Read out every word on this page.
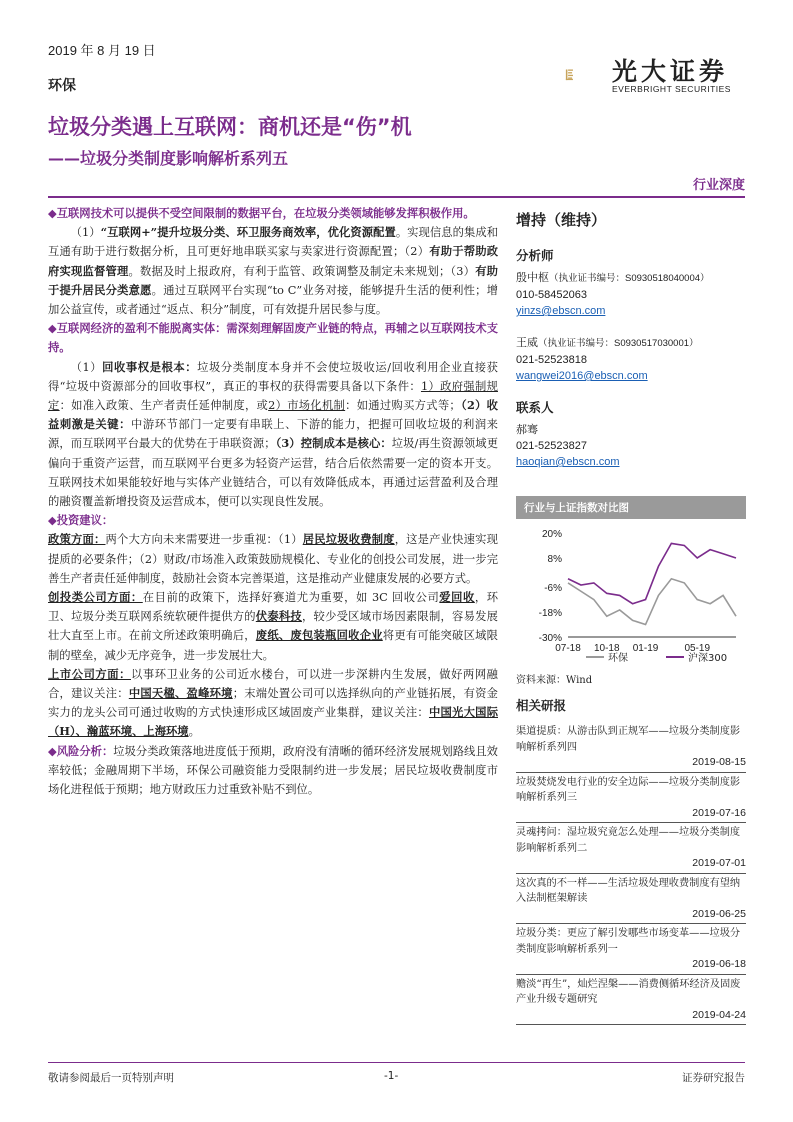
2019 年 8 月 19 日
环保	光大证券
EVERBRIGHT SECURITIES
垃圾分类遇上互联网：商机还是“伤”机
——垃圾分类制度影响解析系列五
行业深度

◆互联网技术可以提供不受空间限制的数据平台，在垃圾分类领域能够发挥积极作用。

（1）“互联网+”提升垃圾分类、环卫服务商效率，优化资源配置。实现信息的集成和互通有助于进行数据分析，且可更好地串联买家与卖家进行资源配置；（2）有助于帮助政府实现监督管理。数据及时上报政府，有利于监管、政策调整及制定未来规划；（3）有助于提升居民分类意愿。通过互联网平台实现“to C”业务对接，能够提升生活的便利性；增加公益宣传，或者通过“返点、积分”制度，可有效提升居民参与度。

◆互联网经济的盈利不能脱离实体：需深刻理解固废产业链的特点，再辅之以互联网技术支持。

（1）回收事权是根本：垃圾分类制度本身并不会使垃圾收运/回收利用企业直接获得“垃圾中资源部分的回收事权”，真正的事权的获得需要具备以下条件：1）政府强制规定：如准入政策、生产者责任延伸制度，或2）市场化机制：如通过购买方式等；（2）收益刺激是关键：中游环节部门一定要有串联上、下游的能力，把握可回收垃圾的利润来源，而互联网平台最大的优势在于串联资源；（3）控制成本是核心：垃圾/再生资源领域更偏向于重资产运营，而互联网平台更多为轻资产运营，结合后依然需要一定的资本开支。互联网技术如果能较好地与实体产业链结合，可以有效降低成本，再通过运营盈利及合理的融资覆盖新增投资及运营成本，便可以实现良性发展。

◆投资建议：

政策方面：两个大方向未来需要进一步重视：（1）居民垃圾收费制度，这是产业快速实现提质的必要条件；（2）财政/市场准入政策鼓励规模化、专业化的创投公司发展，进一步完善生产者责任延伸制度，鼓励社会资本完善渠道，这是推动产业健康发展的必要方式。

创投类公司方面：在目前的政策下，选择好赛道尤为重要，如 3C 回收公司爱回收，环卫、垃圾分类互联网系统软硬件提供方的伏泰科技，较少受区域市场因素限制，容易发展壮大直至上市。在前文所述政策明确后，废纸、废包装瓶回收企业将更有可能突破区域限制的壁垒，减少无序竞争，进一步发展壮大。

上市公司方面：以事环卫业务的公司近水楼台，可以进一步深耕内生发展，做好两网融合，建议关注：中国天楹、盈峰环境；末端处置公司可以选择纵向的产业链拓展，有资金实力的龙头公司可通过收购的方式快速形成区域固废产业集群，建议关注：中国光大国际（H）、瀚蓝环境、上海环境。

◆风险分析：垃圾分类政策落地进度低于预期，政府没有清晰的循环经济发展规划路线且效率较低；金融周期下半场，环保公司融资能力受限制约进一步发展；居民垃圾收费制度市场化进程低于预期；地方财政压力过重致补贴不到位。

增持（维持）
分析师
殷中枢（执业证书编号：S0930518040004）
010-58452063
yinzs@ebscn.com
王威（执业证书编号：S0930517030001）
021-52523818
wangwei2016@ebscn.com
联系人
郝骞
021-52523827
haoqian@ebscn.com
行业与上证指数对比图
20%
8%
-6%
-18%
-30%
07-18 10-18 01-19	05-19
环保	沪深300
资料来源：Wind
相关研报
渠道提质：从游击队到正规军——垃圾分类制度影响解析系列四
2019-08-15
垃圾焚烧发电行业的安全边际——垃圾分类制度影响解析系列三
2019-07-16
灵魂拷问：湿垃圾究竟怎么处理——垃圾分类制度影响解析系列二
2019-07-01
这次真的不一样——生活垃圾处理收费制度有望纳入法制框架解读
2019-06-25
垃圾分类：更应了解引发哪些市场变革——垃圾分类制度影响解析系列一
2019-06-18
赡淡“再生”，灿烂涅槃——消费侧循环经济及固废产业升级专题研究
2019-04-24
敬请参阅最后一页特别声明	-1-	证券研究报告
